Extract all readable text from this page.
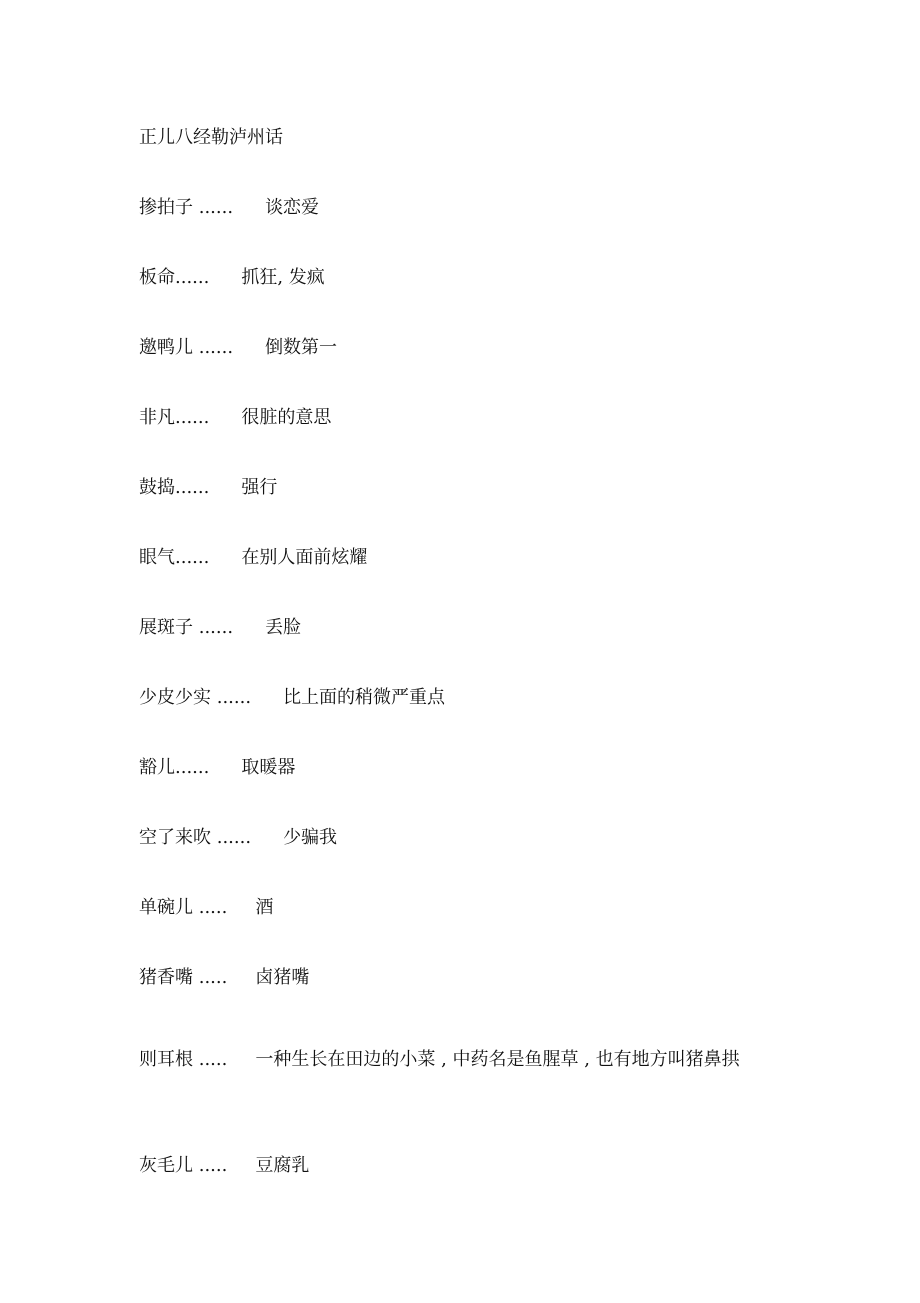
正儿八经勒泸州话
掺拍子 ...... 谈恋爱
板命...... 抓狂, 发疯
邀鸭儿 ...... 倒数第一
非凡...... 很脏的意思
鼓捣...... 强行
眼气...... 在别人面前炫耀
展斑子 ...... 丢脸
少皮少实 ...... 比上面的稍微严重点
豁儿...... 取暖器
空了来吹 ...... 少骗我
单碗儿 ..... 酒
猪香嘴 ..... 卤猪嘴
则耳根 ..... 一种生长在田边的小菜 , 中药名是鱼腥草 , 也有地方叫猪鼻拱
灰毛儿 ..... 豆腐乳
